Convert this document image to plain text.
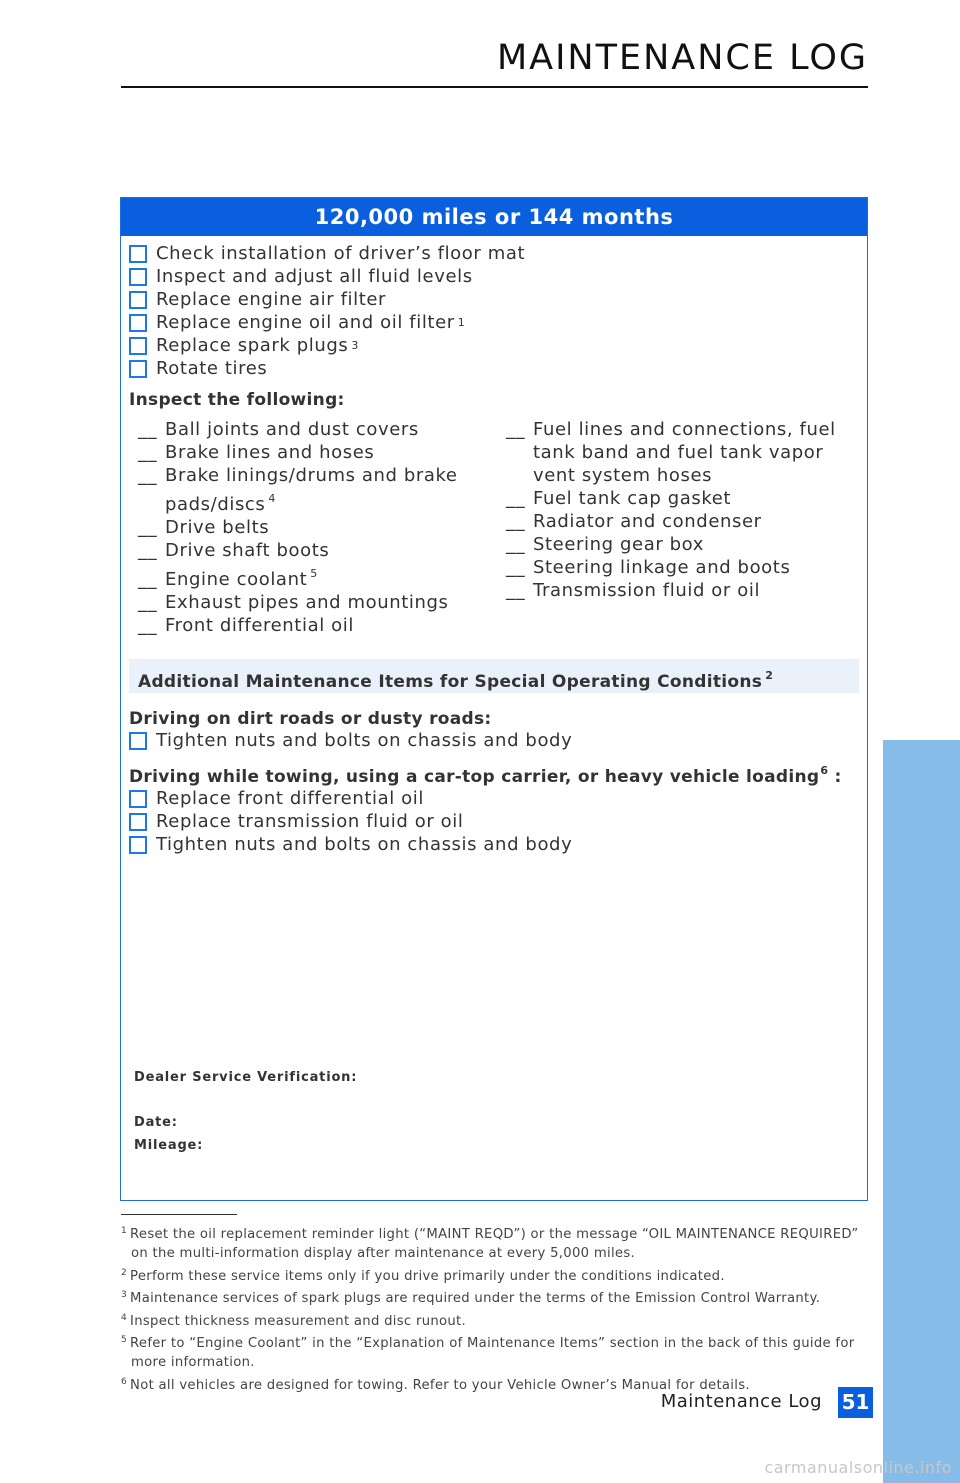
MAINTENANCE LOG
MAINTENANCE
120,000 miles or 144 months
Check installation of driver’s floor mat
Inspect and adjust all fluid levels
Replace engine air filter
Replace engine oil and oil filter 1
Replace spark plugs 3
Rotate tires
Inspect the following:
__ Ball joints and dust covers
__ Brake lines and hoses
__ Brake linings/drums and brake pads/discs $^4$
__ Drive belts
__ Drive shaft boots
__ Engine coolant $^5$
__ Exhaust pipes and mountings
__ Front differential oil
__ Fuel lines and connections, fuel tank band and fuel tank vapor vent system hoses
__ Fuel tank cap gasket
__ Radiator and condenser
__ Steering gear box
__ Steering linkage and boots
__ Transmission fluid or oil
Additional Maintenance Items for Special Operating Conditions $^2$
Driving on dirt roads or dusty roads:
Tighten nuts and bolts on chassis and body
Driving while towing, using a car-top carrier, or heavy vehicle loading$^6$ :
Replace front differential oil
Replace transmission fluid or oil
Tighten nuts and bolts on chassis and body
Dealer Service Verification:
Date:
Mileage:

$^1$ Reset the oil replacement reminder light (“MAINT REQD”) or the message “OIL MAINTENANCE REQUIRED” on the multi-information display after maintenance at every 5,000 miles.

$^2$ Perform these service items only if you drive primarily under the conditions indicated.

$^3$ Maintenance services of spark plugs are required under the terms of the Emission Control Warranty.

$^4$ Inspect thickness measurement and disc runout.

$^5$ Refer to “Engine Coolant” in the “Explanation of Maintenance Items” section in the back of this guide for more information.

$^6$ Not all vehicles are designed for towing. Refer to your Vehicle Owner’s Manual for details.

Maintenance Log 51
carmanualsonline.info
